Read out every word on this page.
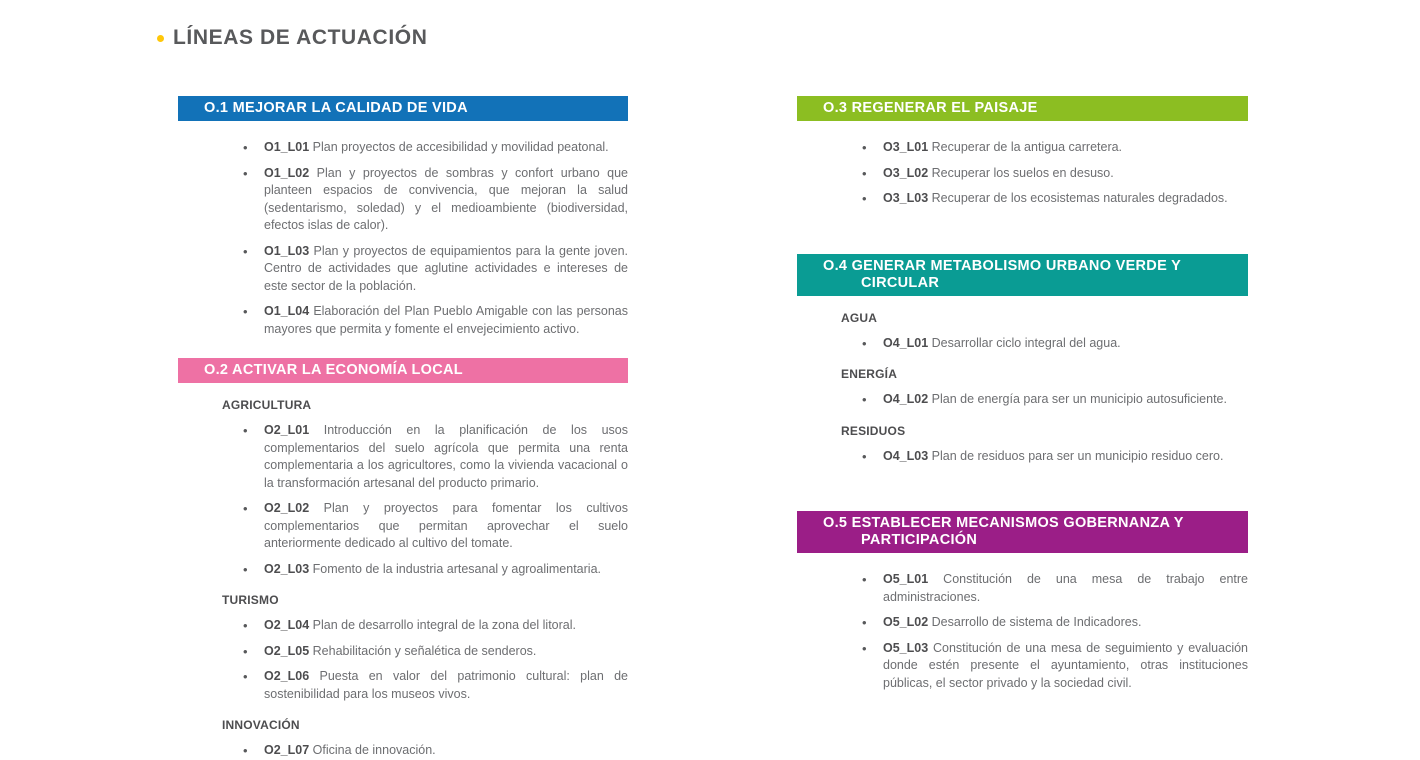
LÍNEAS DE ACTUACIÓN
O.1 MEJORAR LA CALIDAD DE VIDA
• O1_L01 Plan proyectos de accesibilidad y movilidad peatonal.
• O1_L02 Plan y proyectos de sombras y confort urbano que planteen espacios de convivencia, que mejoran la salud (sedentarismo, soledad) y el medioambiente (biodiversidad, efectos islas de calor).
• O1_L03 Plan y proyectos de equipamientos para la gente joven. Centro de actividades que aglutine actividades e intereses de este sector de la población.
• O1_L04 Elaboración del Plan Pueblo Amigable con las personas mayores que permita y fomente el envejecimiento activo.
O.2 ACTIVAR LA ECONOMÍA LOCAL
AGRICULTURA
• O2_L01 Introducción en la planificación de los usos complementarios del suelo agrícola que permita una renta complementaria a los agricultores, como la vivienda vacacional o la transformación artesanal del producto primario.
• O2_L02 Plan y proyectos para fomentar los cultivos complementarios que permitan aprovechar el suelo anteriormente dedicado al cultivo del tomate.
• O2_L03 Fomento de la industria artesanal y agroalimentaria.
TURISMO
• O2_L04 Plan de desarrollo integral de la zona del litoral.
• O2_L05 Rehabilitación y señalética de senderos.
• O2_L06 Puesta en valor del patrimonio cultural: plan de sostenibilidad para los museos vivos.
INNOVACIÓN
• O2_L07 Oficina de innovación.
O.3 REGENERAR EL PAISAJE
• O3_L01 Recuperar de la antigua carretera.
• O3_L02 Recuperar los suelos en desuso.
• O3_L03 Recuperar de los ecosistemas naturales degradados.
O.4 GENERAR METABOLISMO URBANO VERDE Y CIRCULAR
AGUA
• O4_L01 Desarrollar ciclo integral del agua.
ENERGÍA
• O4_L02 Plan de energía para ser un municipio autosuficiente.
RESIDUOS
• O4_L03 Plan de residuos para ser un municipio residuo cero.
O.5 ESTABLECER MECANISMOS GOBERNANZA Y PARTICIPACIÓN
• O5_L01 Constitución de una mesa de trabajo entre administraciones.
• O5_L02 Desarrollo de sistema de Indicadores.
• O5_L03 Constitución de una mesa de seguimiento y evaluación donde estén presente el ayuntamiento, otras instituciones públicas, el sector privado y la sociedad civil.
